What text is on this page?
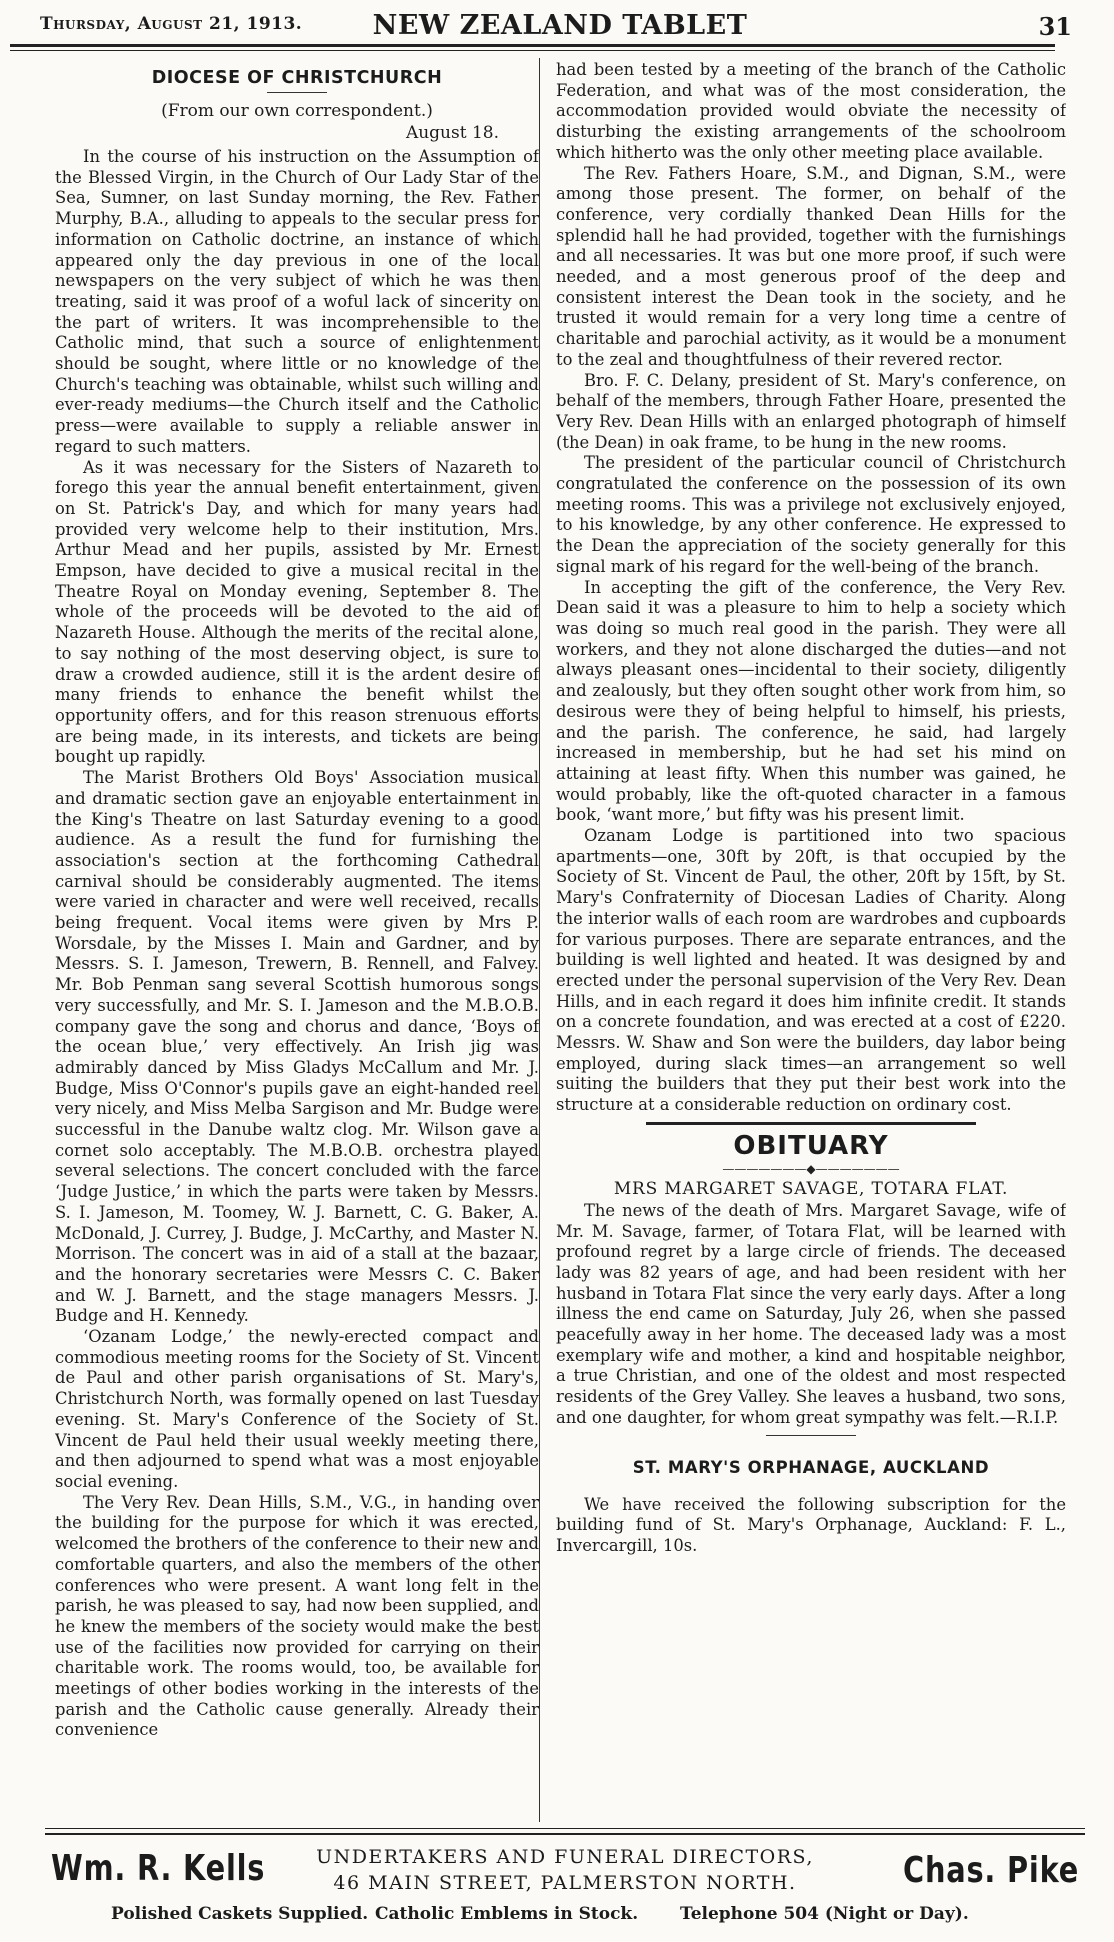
Thursday, August 21, 1913.	NEW ZEALAND TABLET	31
DIOCESE OF CHRISTCHURCH
(From our own correspondent.)
August 18.

In the course of his instruction on the Assumption of the Blessed Virgin, in the Church of Our Lady Star of the Sea, Sumner, on last Sunday morning, the Rev. Father Murphy, B.A., alluding to appeals to the secular press for information on Catholic doctrine, an instance of which appeared only the day previous in one of the local newspapers on the very subject of which he was then treating, said it was proof of a woful lack of sincerity on the part of writers. It was incomprehensible to the Catholic mind, that such a source of enlightenment should be sought, where little or no knowledge of the Church's teaching was obtainable, whilst such willing and ever-ready mediums—the Church itself and the Catholic press—were available to supply a reliable answer in regard to such matters.

As it was necessary for the Sisters of Nazareth to forego this year the annual benefit entertainment, given on St. Patrick's Day, and which for many years had provided very welcome help to their institution, Mrs. Arthur Mead and her pupils, assisted by Mr. Ernest Empson, have decided to give a musical recital in the Theatre Royal on Monday evening, September 8. The whole of the proceeds will be devoted to the aid of Nazareth House. Although the merits of the recital alone, to say nothing of the most deserving object, is sure to draw a crowded audience, still it is the ardent desire of many friends to enhance the benefit whilst the opportunity offers, and for this reason strenuous efforts are being made, in its interests, and tickets are being bought up rapidly.

The Marist Brothers Old Boys' Association musical and dramatic section gave an enjoyable entertainment in the King's Theatre on last Saturday evening to a good audience. As a result the fund for furnishing the association's section at the forthcoming Cathedral carnival should be considerably augmented. The items were varied in character and were well received, recalls being frequent. Vocal items were given by Mrs P. Worsdale, by the Misses I. Main and Gardner, and by Messrs. S. I. Jameson, Trewern, B. Rennell, and Falvey. Mr. Bob Penman sang several Scottish humorous songs very successfully, and Mr. S. I. Jameson and the M.B.O.B. company gave the song and chorus and dance, ‘Boys of the ocean blue,’ very effectively. An Irish jig was admirably danced by Miss Gladys McCallum and Mr. J. Budge, Miss O'Connor's pupils gave an eight-handed reel very nicely, and Miss Melba Sargison and Mr. Budge were successful in the Danube waltz clog. Mr. Wilson gave a cornet solo acceptably. The M.B.O.B. orchestra played several selections. The concert concluded with the farce ‘Judge Justice,’ in which the parts were taken by Messrs. S. I. Jameson, M. Toomey, W. J. Barnett, C. G. Baker, A. McDonald, J. Currey, J. Budge, J. McCarthy, and Master N. Morrison. The concert was in aid of a stall at the bazaar, and the honorary secretaries were Messrs C. C. Baker and W. J. Barnett, and the stage managers Messrs. J. Budge and H. Kennedy.

‘Ozanam Lodge,’ the newly-erected compact and commodious meeting rooms for the Society of St. Vincent de Paul and other parish organisations of St. Mary's, Christchurch North, was formally opened on last Tuesday evening. St. Mary's Conference of the Society of St. Vincent de Paul held their usual weekly meeting there, and then adjourned to spend what was a most enjoyable social evening.

The Very Rev. Dean Hills, S.M., V.G., in handing over the building for the purpose for which it was erected, welcomed the brothers of the conference to their new and comfortable quarters, and also the members of the other conferences who were present. A want long felt in the parish, he was pleased to say, had now been supplied, and he knew the members of the society would make the best use of the facilities now provided for carrying on their charitable work. The rooms would, too, be available for meetings of other bodies working in the interests of the parish and the Catholic cause generally. Already their convenience

had been tested by a meeting of the branch of the Catholic Federation, and what was of the most consideration, the accommodation provided would obviate the necessity of disturbing the existing arrangements of the schoolroom which hitherto was the only other meeting place available.

The Rev. Fathers Hoare, S.M., and Dignan, S.M., were among those present. The former, on behalf of the conference, very cordially thanked Dean Hills for the splendid hall he had provided, together with the furnishings and all necessaries. It was but one more proof, if such were needed, and a most generous proof of the deep and consistent interest the Dean took in the society, and he trusted it would remain for a very long time a centre of charitable and parochial activity, as it would be a monument to the zeal and thoughtfulness of their revered rector.

Bro. F. C. Delany, president of St. Mary's conference, on behalf of the members, through Father Hoare, presented the Very Rev. Dean Hills with an enlarged photograph of himself (the Dean) in oak frame, to be hung in the new rooms.

The president of the particular council of Christchurch congratulated the conference on the possession of its own meeting rooms. This was a privilege not exclusively enjoyed, to his knowledge, by any other conference. He expressed to the Dean the appreciation of the society generally for this signal mark of his regard for the well-being of the branch.

In accepting the gift of the conference, the Very Rev. Dean said it was a pleasure to him to help a society which was doing so much real good in the parish. They were all workers, and they not alone discharged the duties—and not always pleasant ones—incidental to their society, diligently and zealously, but they often sought other work from him, so desirous were they of being helpful to himself, his priests, and the parish. The conference, he said, had largely increased in membership, but he had set his mind on attaining at least fifty. When this number was gained, he would probably, like the oft-quoted character in a famous book, ‘want more,’ but fifty was his present limit.

Ozanam Lodge is partitioned into two spacious apartments—one, 30ft by 20ft, is that occupied by the Society of St. Vincent de Paul, the other, 20ft by 15ft, by St. Mary's Confraternity of Diocesan Ladies of Charity. Along the interior walls of each room are wardrobes and cupboards for various purposes. There are separate entrances, and the building is well lighted and heated. It was designed by and erected under the personal supervision of the Very Rev. Dean Hills, and in each regard it does him infinite credit. It stands on a concrete foundation, and was erected at a cost of £220. Messrs. W. Shaw and Son were the builders, day labor being employed, during slack times—an arrangement so well suiting the builders that they put their best work into the structure at a considerable reduction on ordinary cost.

OBITUARY
———————◆———————
MRS MARGARET SAVAGE, TOTARA FLAT.

The news of the death of Mrs. Margaret Savage, wife of Mr. M. Savage, farmer, of Totara Flat, will be learned with profound regret by a large circle of friends. The deceased lady was 82 years of age, and had been resident with her husband in Totara Flat since the very early days. After a long illness the end came on Saturday, July 26, when she passed peacefully away in her home. The deceased lady was a most exemplary wife and mother, a kind and hospitable neighbor, a true Christian, and one of the oldest and most respected residents of the Grey Valley. She leaves a husband, two sons, and one daughter, for whom great sympathy was felt.—R.I.P.

ST. MARY'S ORPHANAGE, AUCKLAND

We have received the following subscription for the building fund of St. Mary's Orphanage, Auckland: F. L., Invercargill, 10s.

Wm. R. Kells	UNDERTAKERS AND FUNERAL DIRECTORS,
46 MAIN STREET, PALMERSTON NORTH.	Chas. Pike
Polished Caskets Supplied. Catholic Emblems in Stock. Telephone 504 (Night or Day).
